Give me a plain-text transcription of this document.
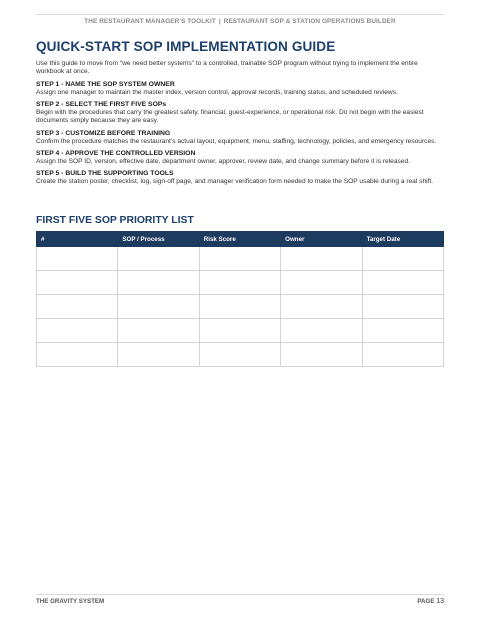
THE RESTAURANT MANAGER'S TOOLKIT | RESTAURANT SOP & STATION OPERATIONS BUILDER
QUICK-START SOP IMPLEMENTATION GUIDE
Use this guide to move from “we need better systems” to a controlled, trainable SOP program without trying to implement the entire workbook at once.
STEP 1 - NAME THE SOP SYSTEM OWNER
Assign one manager to maintain the master index, version control, approval records, training status, and scheduled reviews.
STEP 2 - SELECT THE FIRST FIVE SOPs
Begin with the procedures that carry the greatest safety, financial, guest-experience, or operational risk. Do not begin with the easiest documents simply because they are easy.
STEP 3 - CUSTOMIZE BEFORE TRAINING
Confirm the procedure matches the restaurant’s actual layout, equipment, menu, staffing, technology, policies, and emergency resources.
STEP 4 - APPROVE THE CONTROLLED VERSION
Assign the SOP ID, version, effective date, department owner, approver, review date, and change summary before it is released.
STEP 5 - BUILD THE SUPPORTING TOOLS
Create the station poster, checklist, log, sign-off page, and manager verification form needed to make the SOP usable during a real shift.
FIRST FIVE SOP PRIORITY LIST
#	SOP / Process	Risk Score	Owner	Target Date

THE GRAVITY SYSTEM	PAGE 13
